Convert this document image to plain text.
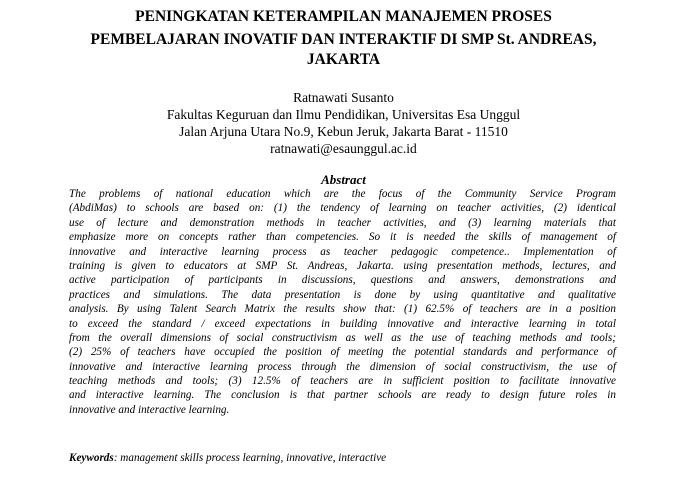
PENINGKATAN KETERAMPILAN MANAJEMEN PROSES
PEMBELAJARAN INOVATIF DAN INTERAKTIF DI SMP St. ANDREAS,
JAKARTA
Ratnawati Susanto
Fakultas Keguruan dan Ilmu Pendidikan, Universitas Esa Unggul
Jalan Arjuna Utara No.9, Kebun Jeruk, Jakarta Barat - 11510
ratnawati@esaunggul.ac.id
Abstract
The problems of national education which are the focus of the Community Service Program
(AbdiMas) to schools are based on: (1) the tendency of learning on teacher activities, (2) identical
use of lecture and demonstration methods in teacher activities, and (3) learning materials that
emphasize more on concepts rather than competencies. So it is needed the skills of management of
innovative and interactive learning process as teacher pedagogic competence.. Implementation of
training is given to educators at SMP St. Andreas, Jakarta. using presentation methods, lectures, and
active participation of participants in discussions, questions and answers, demonstrations and
practices and simulations. The data presentation is done by using quantitative and qualitative
analysis. By using Talent Search Matrix the results show that: (1) 62.5% of teachers are in a position
to exceed the standard / exceed expectations in building innovative and interactive learning in total
from the overall dimensions of social constructivism as well as the use of teaching methods and tools;
(2) 25% of teachers have occupied the position of meeting the potential standards and performance of
innovative and interactive learning process through the dimension of social constructivism, the use of
teaching methods and tools; (3) 12.5% of teachers are in sufficient position to facilitate innovative
and interactive learning. The conclusion is that partner schools are ready to design future roles in
innovative and interactive learning.
Keywords: management skills process learning, innovative, interactive
